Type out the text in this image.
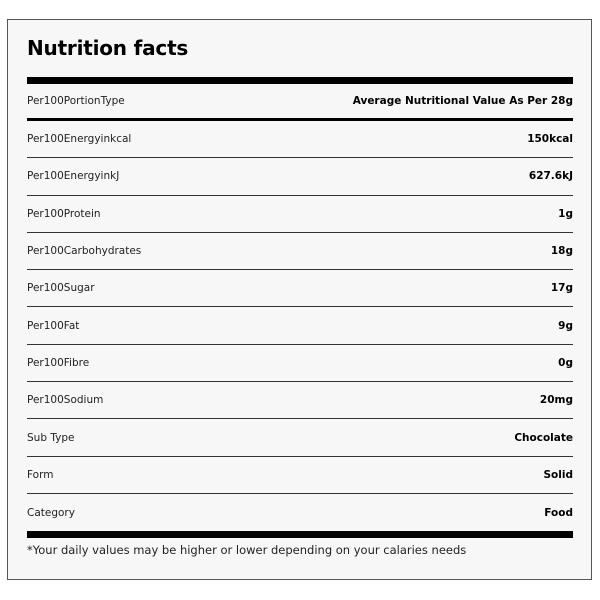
Nutrition facts
Per100PortionType	Average Nutritional Value As Per 28g
Per100Energyinkcal	150kcal
Per100EnergyinkJ	627.6kJ
Per100Protein	1g
Per100Carbohydrates	18g
Per100Sugar	17g
Per100Fat	9g
Per100Fibre	0g
Per100Sodium	20mg
Sub Type	Chocolate
Form	Solid
Category	Food
*Your daily values may be higher or lower depending on your calaries needs
